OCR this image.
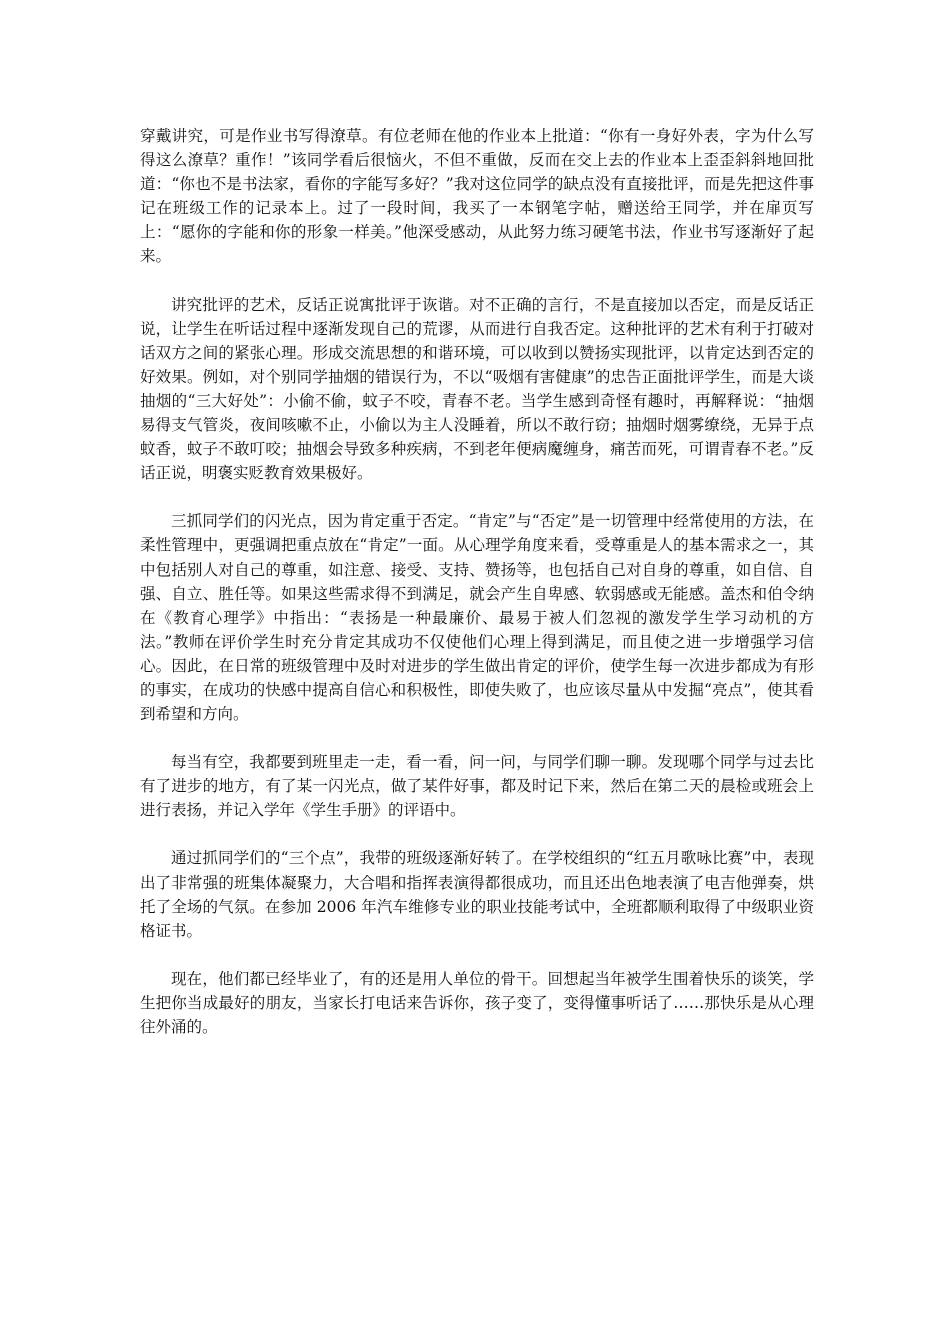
穿戴讲究，可是作业书写得潦草。有位老师在他的作业本上批道：“你有一身好外表，字为什么写得这么潦草？重作！”该同学看后很恼火，不但不重做，反而在交上去的作业本上歪歪斜斜地回批道：“你也不是书法家，看你的字能写多好？”我对这位同学的缺点没有直接批评，而是先把这件事记在班级工作的记录本上。过了一段时间，我买了一本钢笔字帖，赠送给王同学，并在扉页写上：“愿你的字能和你的形象一样美。”他深受感动，从此努力练习硬笔书法，作业书写逐渐好了起来。

讲究批评的艺术，反话正说寓批评于诙谐。对不正确的言行，不是直接加以否定，而是反话正说，让学生在听话过程中逐渐发现自己的荒谬，从而进行自我否定。这种批评的艺术有利于打破对话双方之间的紧张心理。形成交流思想的和谐环境，可以收到以赞扬实现批评，以肯定达到否定的好效果。例如，对个别同学抽烟的错误行为，不以“吸烟有害健康”的忠告正面批评学生，而是大谈抽烟的“三大好处”：小偷不偷，蚊子不咬，青春不老。当学生感到奇怪有趣时，再解释说：“抽烟易得支气管炎，夜间咳嗽不止，小偷以为主人没睡着，所以不敢行窃；抽烟时烟雾缭绕，无异于点蚊香，蚊子不敢叮咬；抽烟会导致多种疾病，不到老年便病魔缠身，痛苦而死，可谓青春不老。”反话正说，明褒实贬教育效果极好。

三抓同学们的闪光点，因为肯定重于否定。“肯定”与“否定”是一切管理中经常使用的方法，在柔性管理中，更强调把重点放在“肯定”一面。从心理学角度来看，受尊重是人的基本需求之一，其中包括别人对自己的尊重，如注意、接受、支持、赞扬等，也包括自己对自身的尊重，如自信、自强、自立、胜任等。如果这些需求得不到满足，就会产生自卑感、软弱感或无能感。盖杰和伯令纳在《教育心理学》中指出：“表扬是一种最廉价、最易于被人们忽视的激发学生学习动机的方法。”教师在评价学生时充分肯定其成功不仅使他们心理上得到满足，而且使之进一步增强学习信心。因此，在日常的班级管理中及时对进步的学生做出肯定的评价，使学生每一次进步都成为有形的事实，在成功的快感中提高自信心和积极性，即使失败了，也应该尽量从中发掘“亮点”，使其看到希望和方向。

每当有空，我都要到班里走一走，看一看，问一问，与同学们聊一聊。发现哪个同学与过去比有了进步的地方，有了某一闪光点，做了某件好事，都及时记下来，然后在第二天的晨检或班会上进行表扬，并记入学年《学生手册》的评语中。

通过抓同学们的“三个点”，我带的班级逐渐好转了。在学校组织的“红五月歌咏比赛”中，表现出了非常强的班集体凝聚力，大合唱和指挥表演得都很成功，而且还出色地表演了电吉他弹奏，烘托了全场的气氛。在参加 2006 年汽车维修专业的职业技能考试中，全班都顺利取得了中级职业资格证书。

现在，他们都已经毕业了，有的还是用人单位的骨干。回想起当年被学生围着快乐的谈笑，学生把你当成最好的朋友，当家长打电话来告诉你，孩子变了，变得懂事听话了……那快乐是从心理往外涌的。
